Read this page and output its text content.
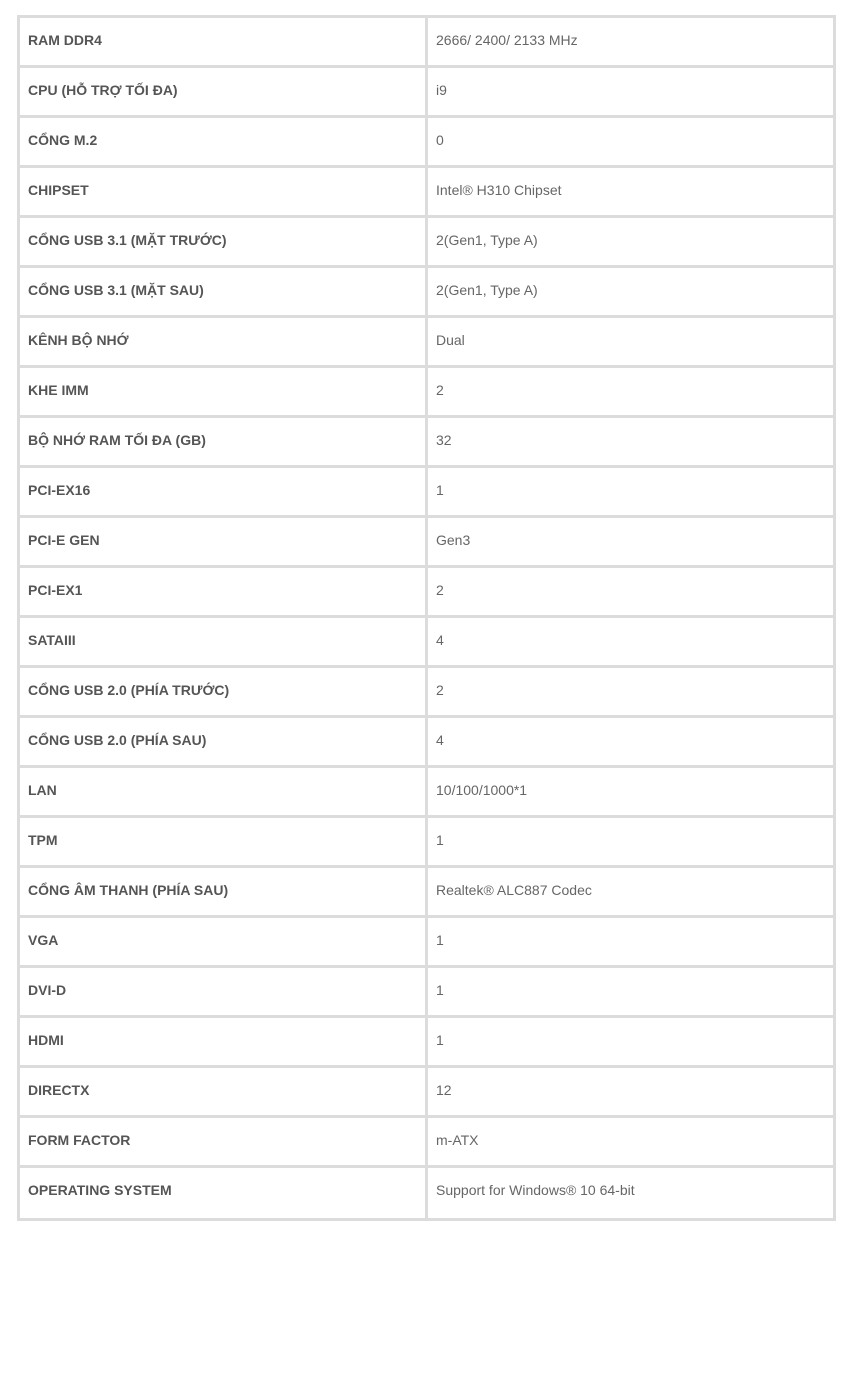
RAM DDR4	2666/ 2400/ 2133 MHz

CPU (HỖ TRỢ TỐI ĐA)	i9

CỔNG M.2	0

CHIPSET	Intel® H310 Chipset

CỔNG USB 3.1 (MẶT TRƯỚC)	2(Gen1, Type A)

CỔNG USB 3.1 (MẶT SAU)	2(Gen1, Type A)

KÊNH BỘ NHỚ	Dual

KHE IMM	2

BỘ NHỚ RAM TỐI ĐA (GB)	32

PCI-EX16	1

PCI-E GEN	Gen3

PCI-EX1	2

SATAIII	4

CỔNG USB 2.0 (PHÍA TRƯỚC)	2

CỔNG USB 2.0 (PHÍA SAU)	4

LAN	10/100/1000*1

TPM	1

CỔNG ÂM THANH (PHÍA SAU)	Realtek® ALC887 Codec

VGA	1

DVI-D	1

HDMI	1

DIRECTX	12

FORM FACTOR	m-ATX

OPERATING SYSTEM	Support for Windows® 10 64-bit
